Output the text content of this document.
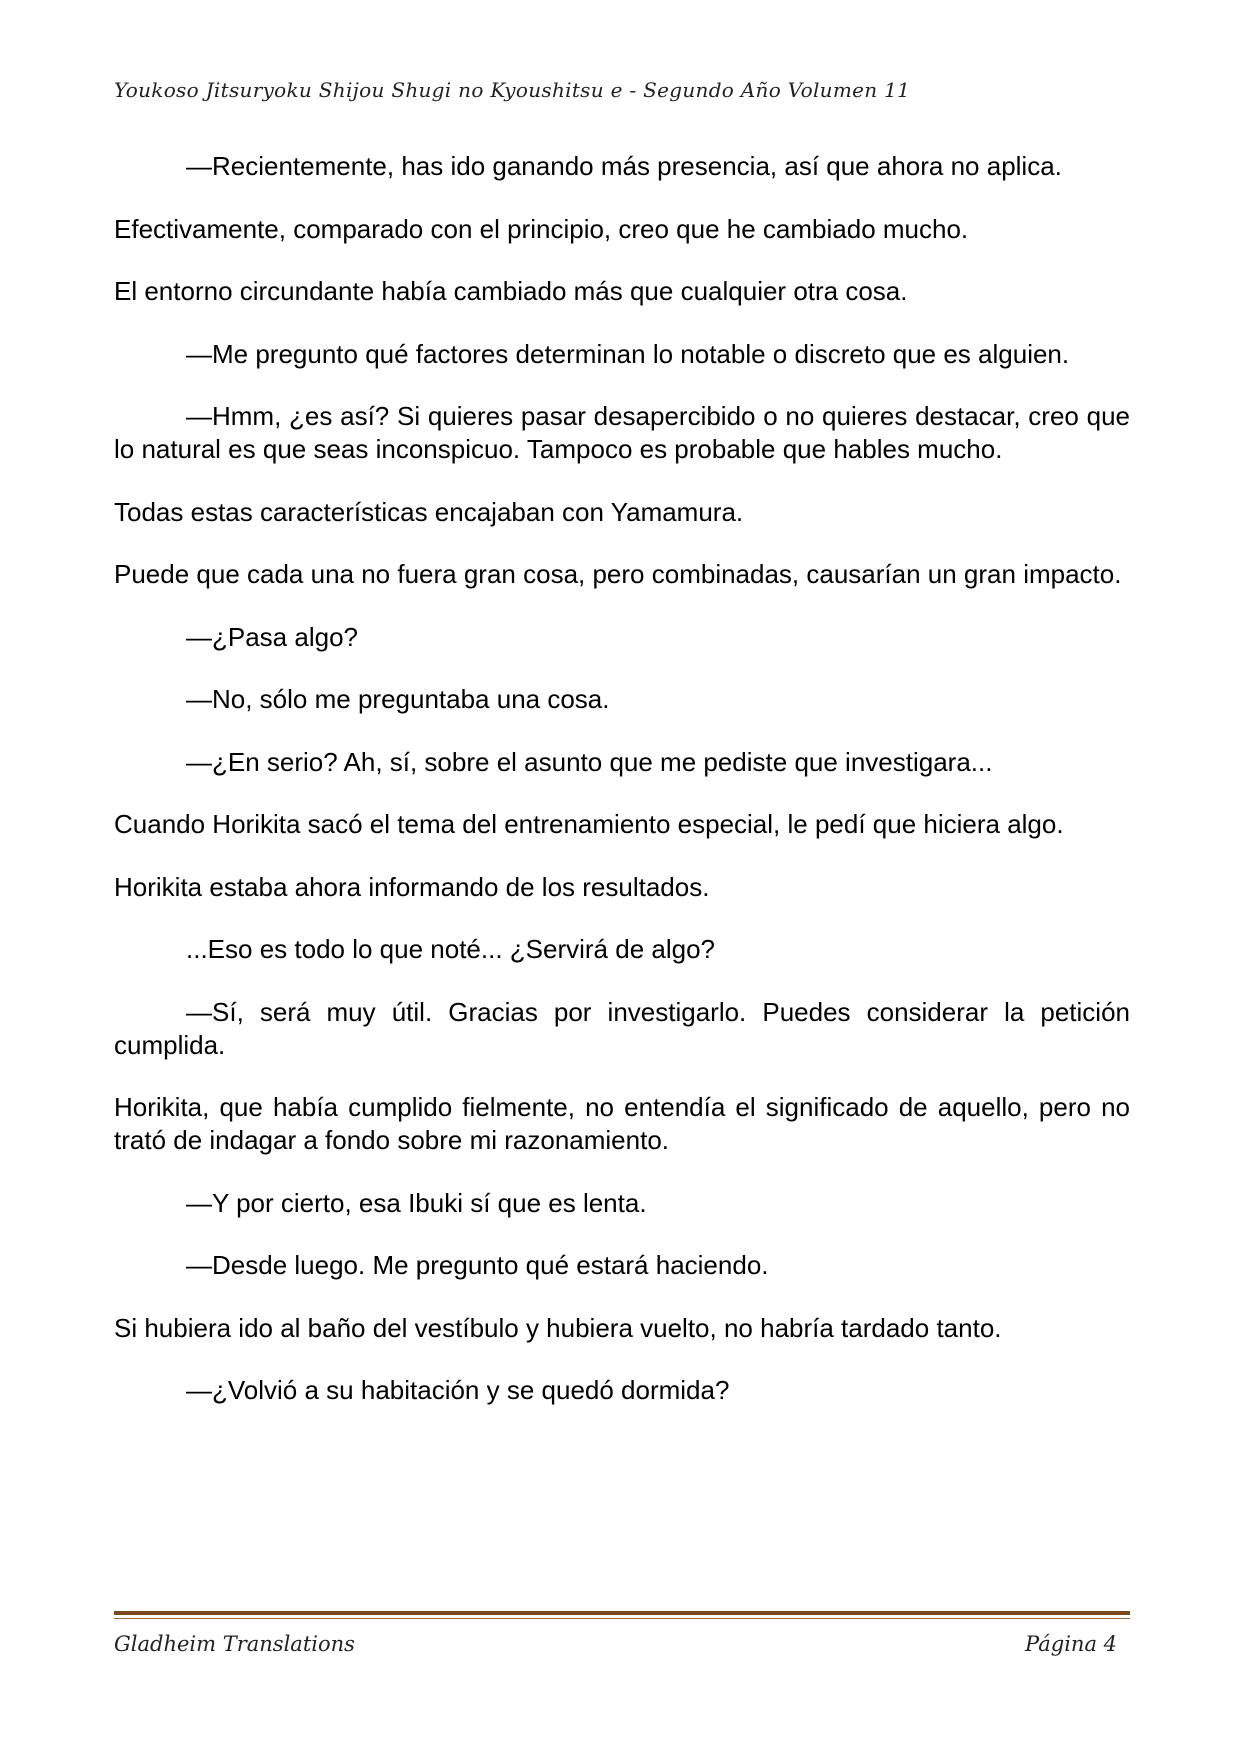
Youkoso Jitsuryoku Shijou Shugi no Kyoushitsu e - Segundo Año Volumen 11

—Recientemente, has ido ganando más presencia, así que ahora no aplica.

Efectivamente, comparado con el principio, creo que he cambiado mucho.

El entorno circundante había cambiado más que cualquier otra cosa.

—Me pregunto qué factores determinan lo notable o discreto que es alguien.

—Hmm, ¿es así? Si quieres pasar desapercibido o no quieres destacar, creo que lo natural es que seas inconspicuo. Tampoco es probable que hables mucho.

Todas estas características encajaban con Yamamura.

Puede que cada una no fuera gran cosa, pero combinadas, causarían un gran impacto.

—¿Pasa algo?

—No, sólo me preguntaba una cosa.

—¿En serio? Ah, sí, sobre el asunto que me pediste que investigara...

Cuando Horikita sacó el tema del entrenamiento especial, le pedí que hiciera algo.

Horikita estaba ahora informando de los resultados.

...Eso es todo lo que noté... ¿Servirá de algo?

—Sí, será muy útil. Gracias por investigarlo. Puedes considerar la petición cumplida.

Horikita, que había cumplido fielmente, no entendía el significado de aquello, pero no trató de indagar a fondo sobre mi razonamiento.

—Y por cierto, esa Ibuki sí que es lenta.

—Desde luego. Me pregunto qué estará haciendo.

Si hubiera ido al baño del vestíbulo y hubiera vuelto, no habría tardado tanto.

—¿Volvió a su habitación y se quedó dormida?

Gladheim Translations	Página 4
